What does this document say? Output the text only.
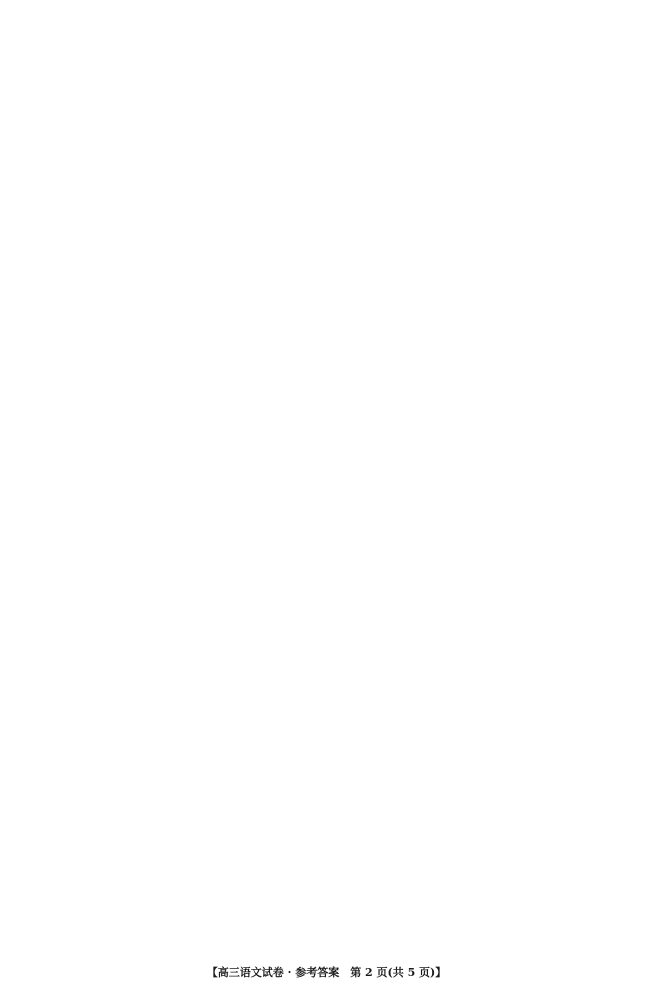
【高三语文试卷 · 参考答案　第 2 页(共 5 页)】
